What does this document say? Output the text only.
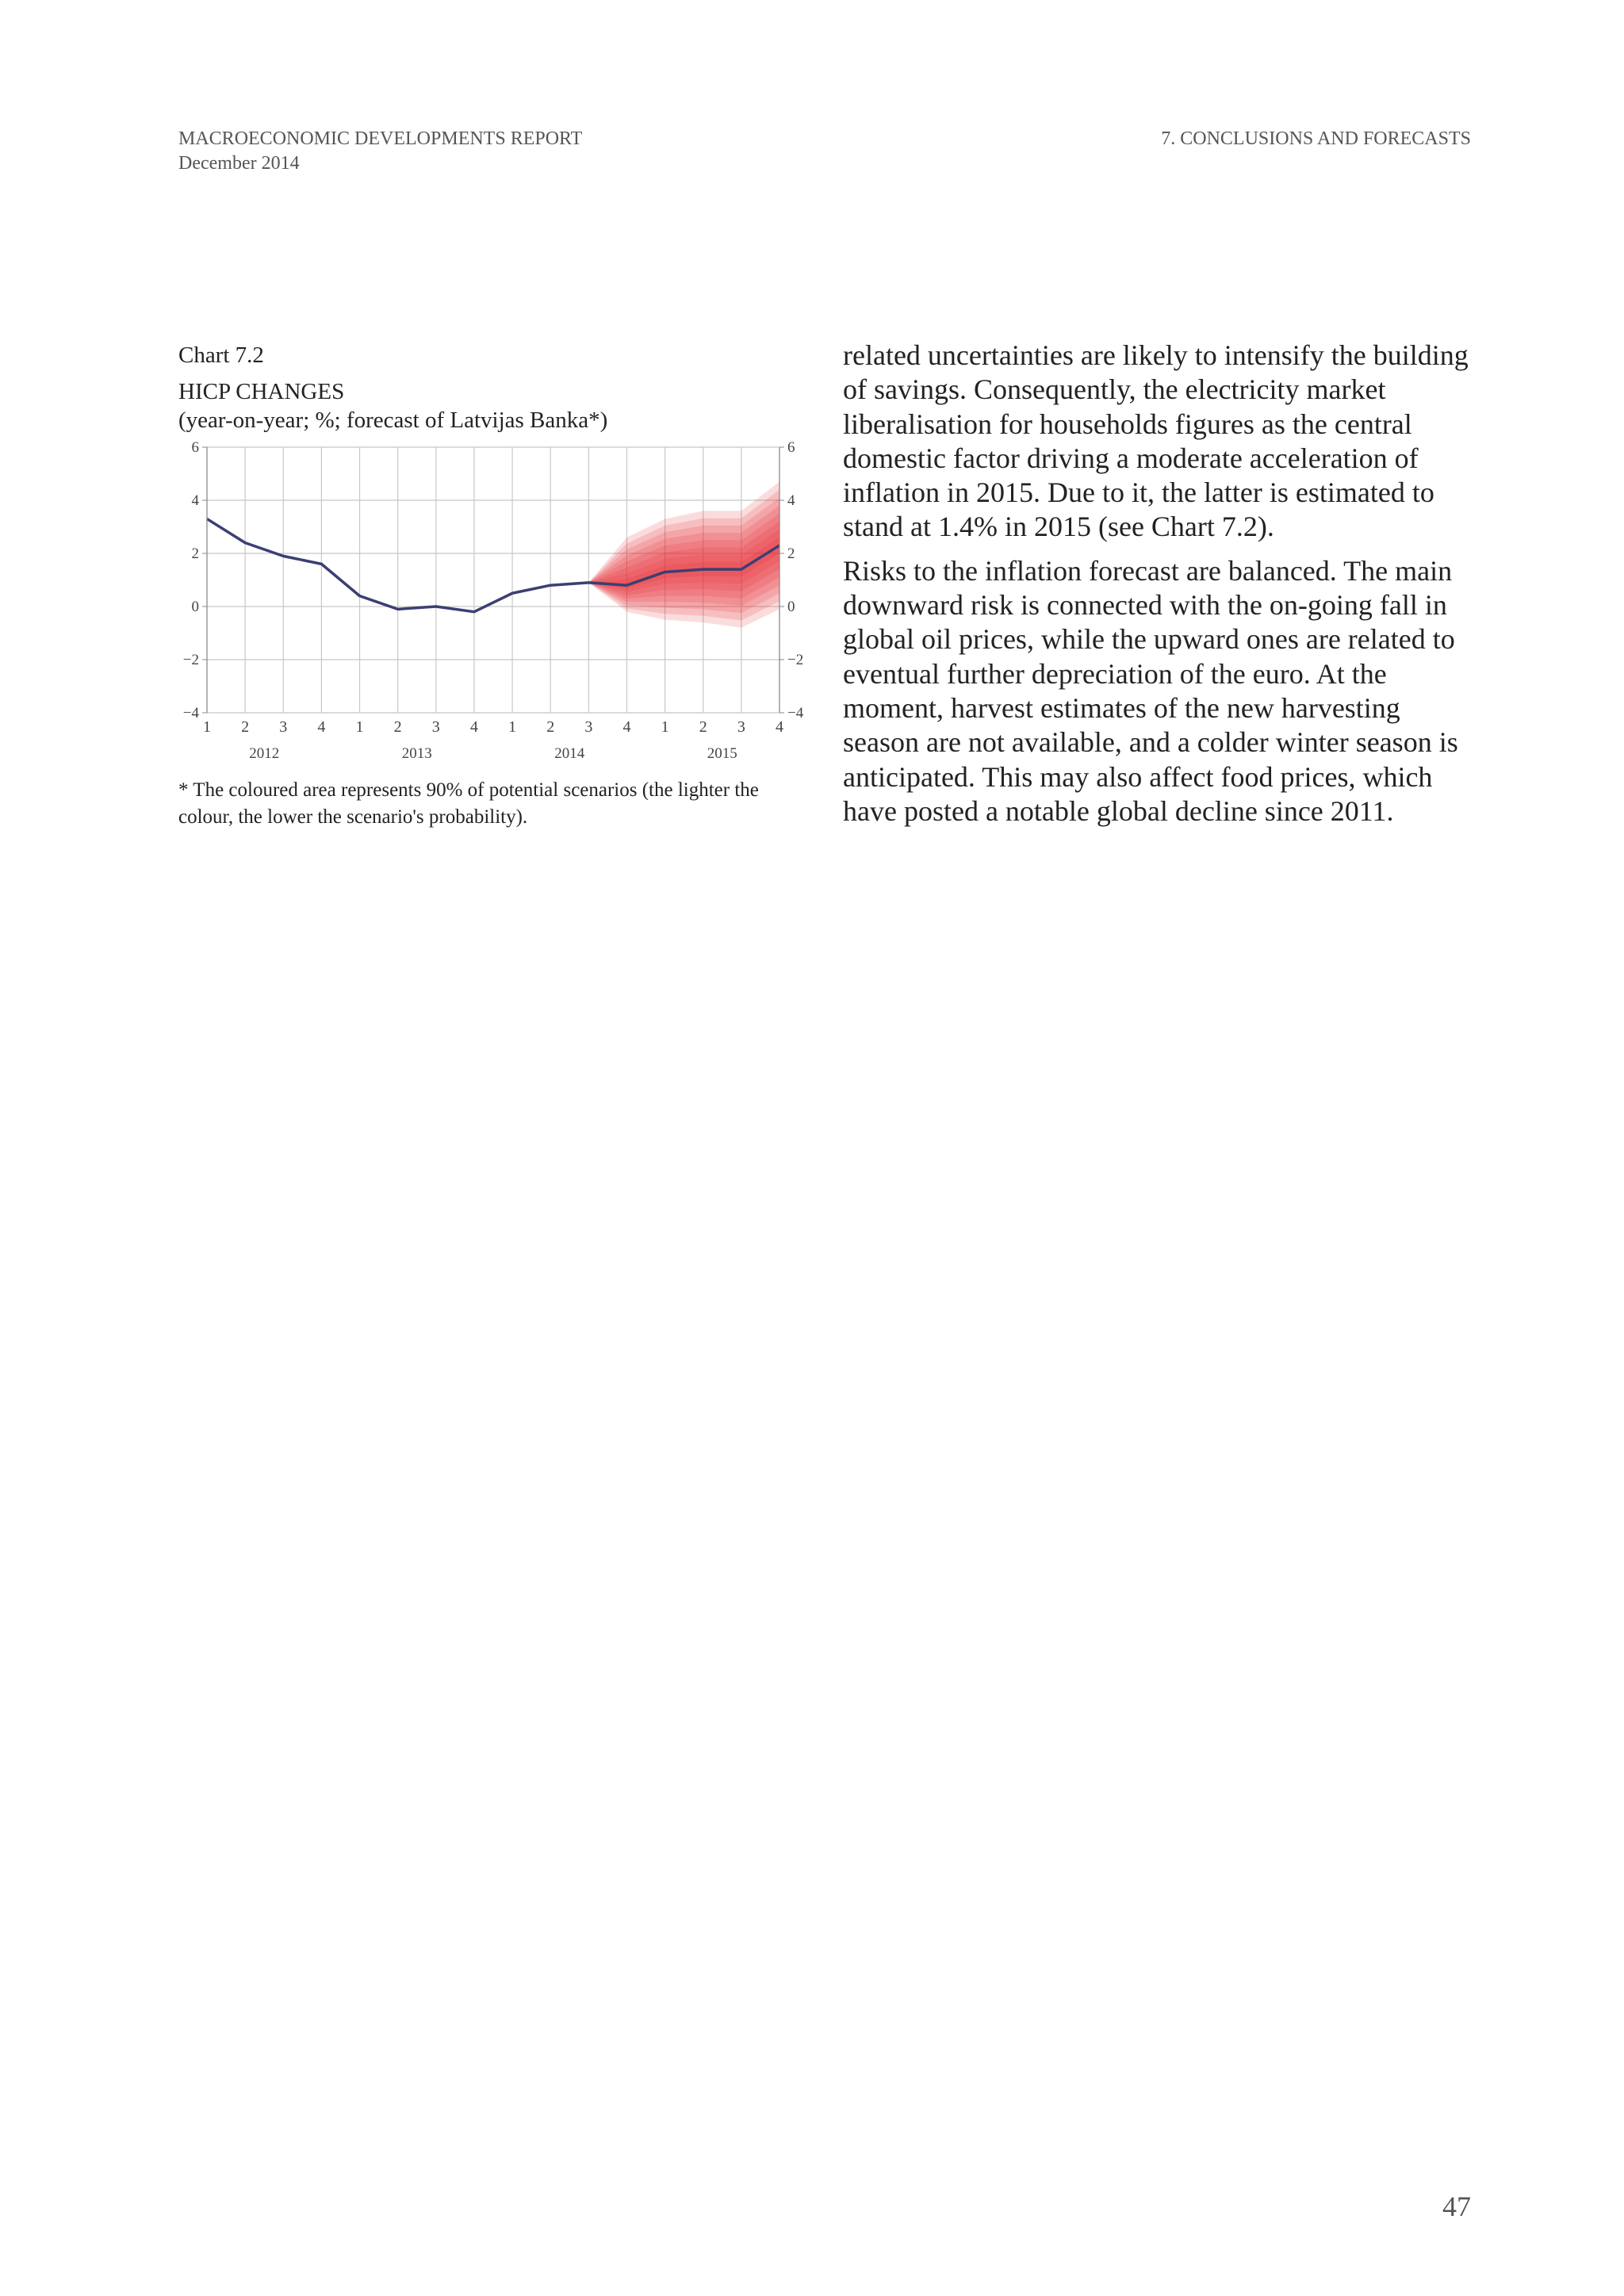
MACROECONOMIC DEVELOPMENTS REPORT
December 2014
7. CONCLUSIONS AND FORECASTS
Chart 7.2
HICP CHANGES
(year-on-year; %; forecast of Latvijas Banka*)
6	6
4	4
2	2
0	0
−2	−2
−4	−4
1 2 3 4 1 2 3 4 1 2 3 4 1 2 3 4
2012	2013	2014	2015
* The coloured area represents 90% of potential scenarios (the lighter the colour, the lower the scenario's probability).

related uncertainties are likely to intensify the building of savings. Consequently, the electricity market liberalisation for households figures as the central domestic factor driving a moderate acceleration of inflation in 2015. Due to it, the latter is estimated to stand at 1.4% in 2015 (see Chart 7.2).

Risks to the inflation forecast are balanced. The main downward risk is connected with the on-going fall in global oil prices, while the upward ones are related to eventual further depreciation of the euro. At the moment, harvest estimates of the new harvesting season are not available, and a colder winter season is anticipated. This may also affect food prices, which have posted a notable global decline since 2011.

47
